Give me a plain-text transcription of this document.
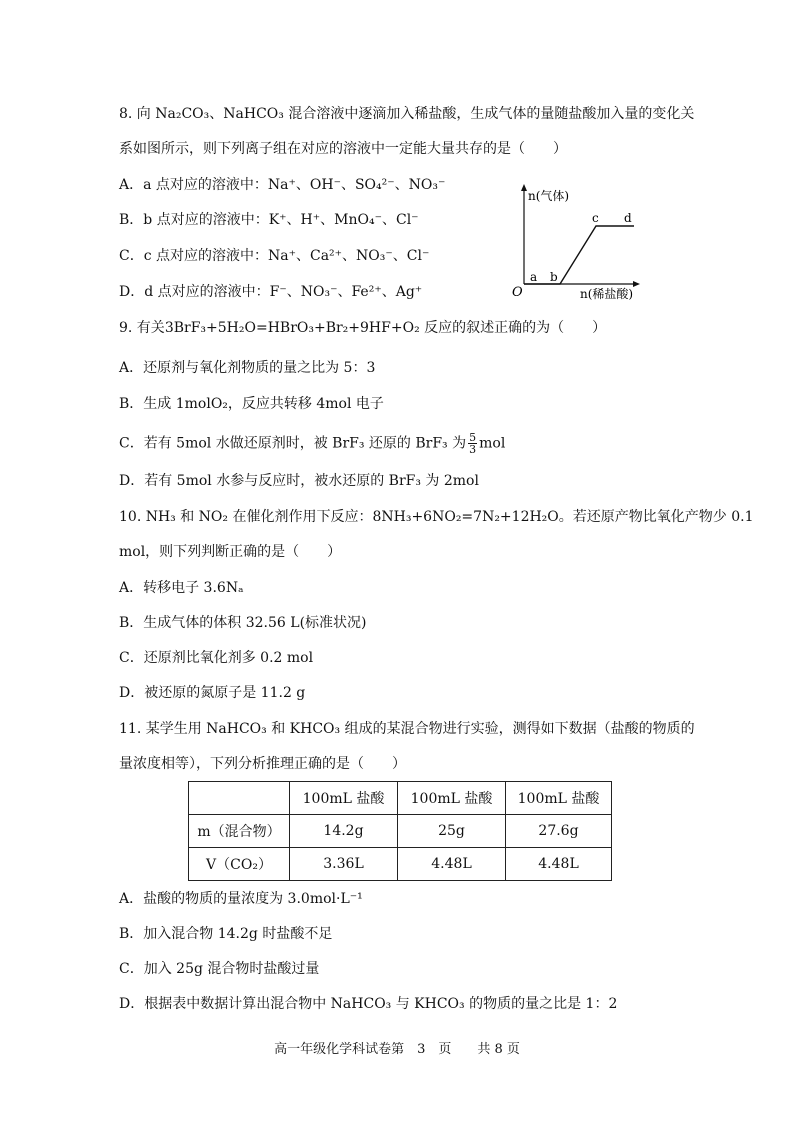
8. 向 Na₂CO₃、NaHCO₃ 混合溶液中逐滴加入稀盐酸，生成气体的量随盐酸加入量的变化关
系如图所示，则下列离子组在对应的溶液中一定能大量共存的是（　　）
A．a 点对应的溶液中：Na⁺、OH⁻、SO₄²⁻、NO₃⁻
B．b 点对应的溶液中：K⁺、H⁺、MnO₄⁻、Cl⁻
C．c 点对应的溶液中：Na⁺、Ca²⁺、NO₃⁻、Cl⁻
D．d 点对应的溶液中：F⁻、NO₃⁻、Fe²⁺、Ag⁺
n(气体)
n(稀盐酸)
O
a b
c d
9. 有关3BrF₃+5H₂O=HBrO₃+Br₂+9HF+O₂ 反应的叙述正确的为（　　）
A．还原剂与氧化剂物质的量之比为 5：3
B．生成 1molO₂，反应共转移 4mol 电子
C．若有 5mol 水做还原剂时，被 BrF₃ 还原的 BrF₃ 为 $\frac{5}{3}$ mol
D．若有 5mol 水参与反应时，被水还原的 BrF₃ 为 2mol
10. NH₃ 和 NO₂ 在催化剂作用下反应：8NH₃+6NO₂=7N₂+12H₂O。若还原产物比氧化产物少 0.1
mol，则下列判断正确的是（　　）
A．转移电子 3.6Nₐ
B．生成气体的体积 32.56 L(标准状况)
C．还原剂比氧化剂多 0.2 mol
D．被还原的氮原子是 11.2 g
11. 某学生用 NaHCO₃ 和 KHCO₃ 组成的某混合物进行实验，测得如下数据（盐酸的物质的
量浓度相等），下列分析推理正确的是（　　）
	100mL 盐酸	100mL 盐酸	100mL 盐酸
m（混合物）	14.2g	25g	27.6g
V（CO₂）	3.36L	4.48L	4.48L
A．盐酸的物质的量浓度为 3.0mol·L⁻¹
B．加入混合物 14.2g 时盐酸不足
C．加入 25g 混合物时盐酸过量
D．根据表中数据计算出混合物中 NaHCO₃ 与 KHCO₃ 的物质的量之比是 1：2
高一年级化学科试卷第　3　页　　共 8 页
